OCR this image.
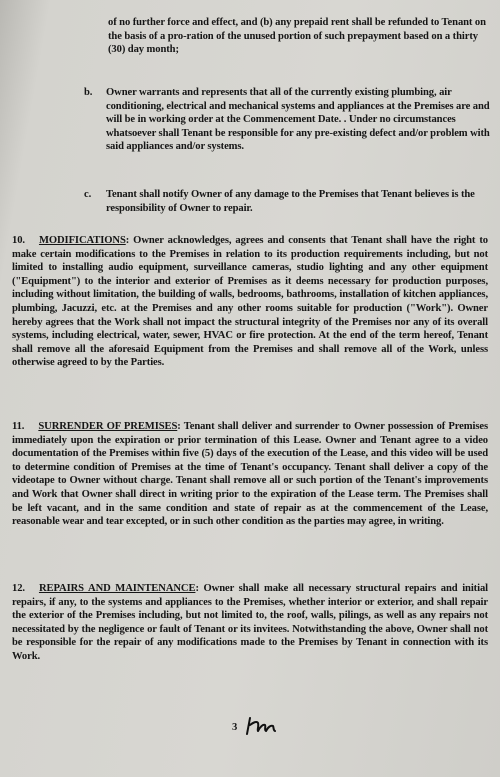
of no further force and effect, and (b) any prepaid rent shall be refunded to Tenant on the basis of a pro-ration of the unused portion of such prepayment based on a thirty (30) day month;
b. Owner warrants and represents that all of the currently existing plumbing, air conditioning, electrical and mechanical systems and appliances at the Premises are and will be in working order at the Commencement Date. . Under no circumstances whatsoever shall Tenant be responsible for any pre-existing defect and/or problem with said appliances and/or systems.
c. Tenant shall notify Owner of any damage to the Premises that Tenant believes is the responsibility of Owner to repair.
10. MODIFICATIONS: Owner acknowledges, agrees and consents that Tenant shall have the right to make certain modifications to the Premises in relation to its production requirements including, but not limited to installing audio equipment, surveillance cameras, studio lighting and any other equipment ("Equipment") to the interior and exterior of Premises as it deems necessary for production purposes, including without limitation, the building of walls, bedrooms, bathrooms, installation of kitchen appliances, plumbing, Jacuzzi, etc. at the Premises and any other rooms suitable for production ("Work"). Owner hereby agrees that the Work shall not impact the structural integrity of the Premises nor any of its overall systems, including electrical, water, sewer, HVAC or fire protection. At the end of the term hereof, Tenant shall remove all the aforesaid Equipment from the Premises and shall remove all of the Work, unless otherwise agreed to by the Parties.
11. SURRENDER OF PREMISES: Tenant shall deliver and surrender to Owner possession of Premises immediately upon the expiration or prior termination of this Lease. Owner and Tenant agree to a video documentation of the Premises within five (5) days of the execution of the Lease, and this video will be used to determine condition of Premises at the time of Tenant's occupancy. Tenant shall deliver a copy of the videotape to Owner without charge. Tenant shall remove all or such portion of the Tenant's improvements and Work that Owner shall direct in writing prior to the expiration of the Lease term. The Premises shall be left vacant, and in the same condition and state of repair as at the commencement of the Lease, reasonable wear and tear excepted, or in such other condition as the parties may agree, in writing.
12. REPAIRS AND MAINTENANCE: Owner shall make all necessary structural repairs and initial repairs, if any, to the systems and appliances to the Premises, whether interior or exterior, and shall repair the exterior of the Premises including, but not limited to, the roof, walls, pilings, as well as any repairs not necessitated by the negligence or fault of Tenant or its invitees. Notwithstanding the above, Owner shall not be responsible for the repair of any modifications made to the Premises by Tenant in connection with its Work.
3
